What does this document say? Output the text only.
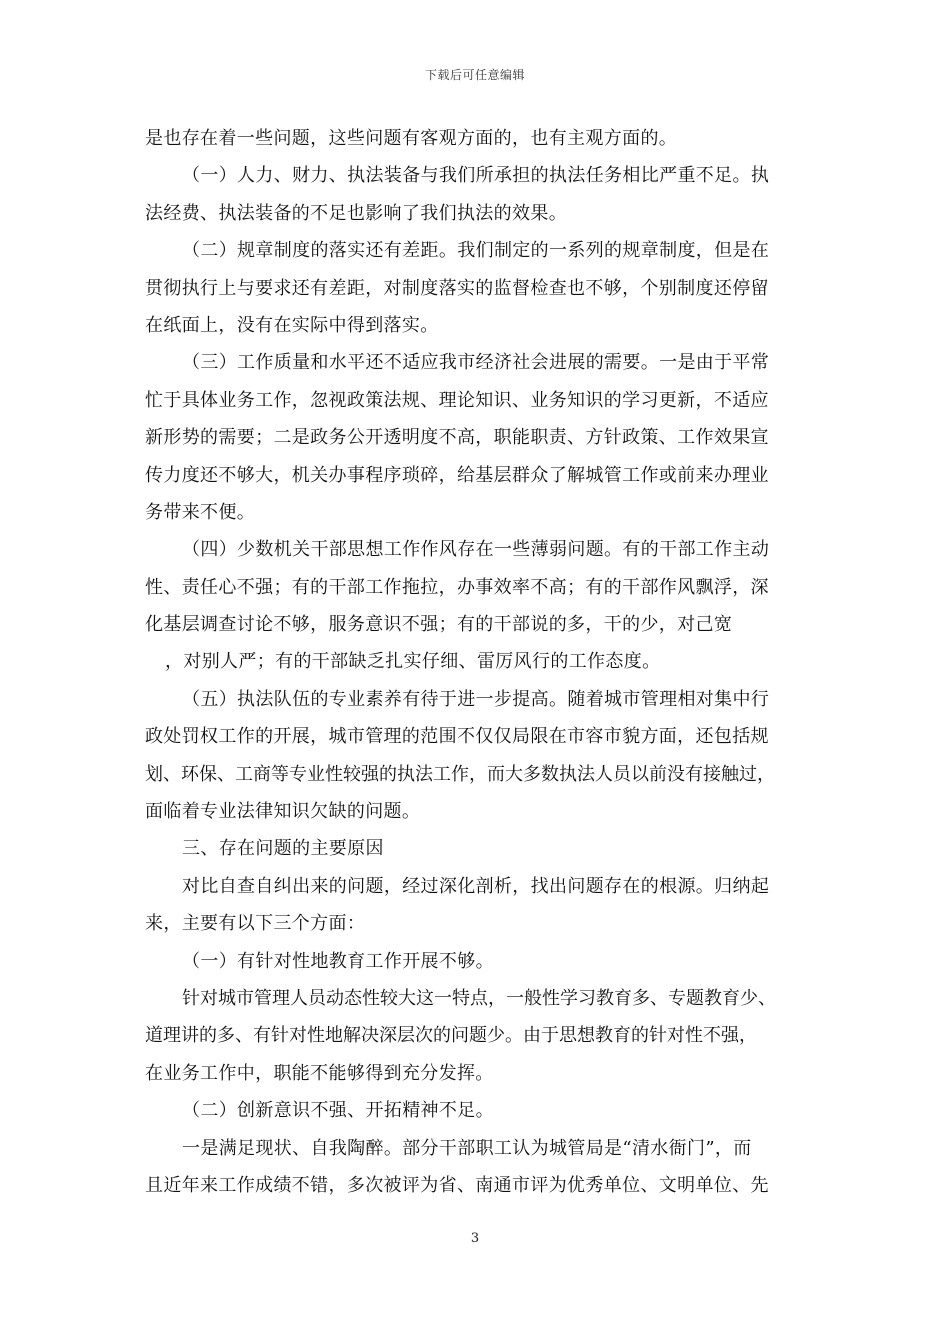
下载后可任意编辑
是也存在着一些问题，这些问题有客观方面的，也有主观方面的。
（一）人力、财力、执法装备与我们所承担的执法任务相比严重不足。执
法经费、执法装备的不足也影响了我们执法的效果。
（二）规章制度的落实还有差距。我们制定的一系列的规章制度，但是在
贯彻执行上与要求还有差距，对制度落实的监督检查也不够，个别制度还停留
在纸面上，没有在实际中得到落实。
（三）工作质量和水平还不适应我市经济社会进展的需要。一是由于平常
忙于具体业务工作，忽视政策法规、理论知识、业务知识的学习更新，不适应
新形势的需要；二是政务公开透明度不高，职能职责、方针政策、工作效果宣
传力度还不够大，机关办事程序琐碎，给基层群众了解城管工作或前来办理业
务带来不便。
（四）少数机关干部思想工作作风存在一些薄弱问题。有的干部工作主动
性、责任心不强；有的干部工作拖拉，办事效率不高；有的干部作风飘浮，深
化基层调查讨论不够，服务意识不强；有的干部说的多，干的少，对己宽
，对别人严；有的干部缺乏扎实仔细、雷厉风行的工作态度。
（五）执法队伍的专业素养有待于进一步提高。随着城市管理相对集中行
政处罚权工作的开展，城市管理的范围不仅仅局限在市容市貌方面，还包括规
划、环保、工商等专业性较强的执法工作，而大多数执法人员以前没有接触过，
面临着专业法律知识欠缺的问题。
三、存在问题的主要原因
对比自查自纠出来的问题，经过深化剖析，找出问题存在的根源。归纳起
来，主要有以下三个方面：
（一）有针对性地教育工作开展不够。
针对城市管理人员动态性较大这一特点，一般性学习教育多、专题教育少、
道理讲的多、有针对性地解决深层次的问题少。由于思想教育的针对性不强，
在业务工作中，职能不能够得到充分发挥。
（二）创新意识不强、开拓精神不足。
一是满足现状、自我陶醉。部分干部职工认为城管局是“清水衙门”，而
且近年来工作成绩不错，多次被评为省、南通市评为优秀单位、文明单位、先
3
